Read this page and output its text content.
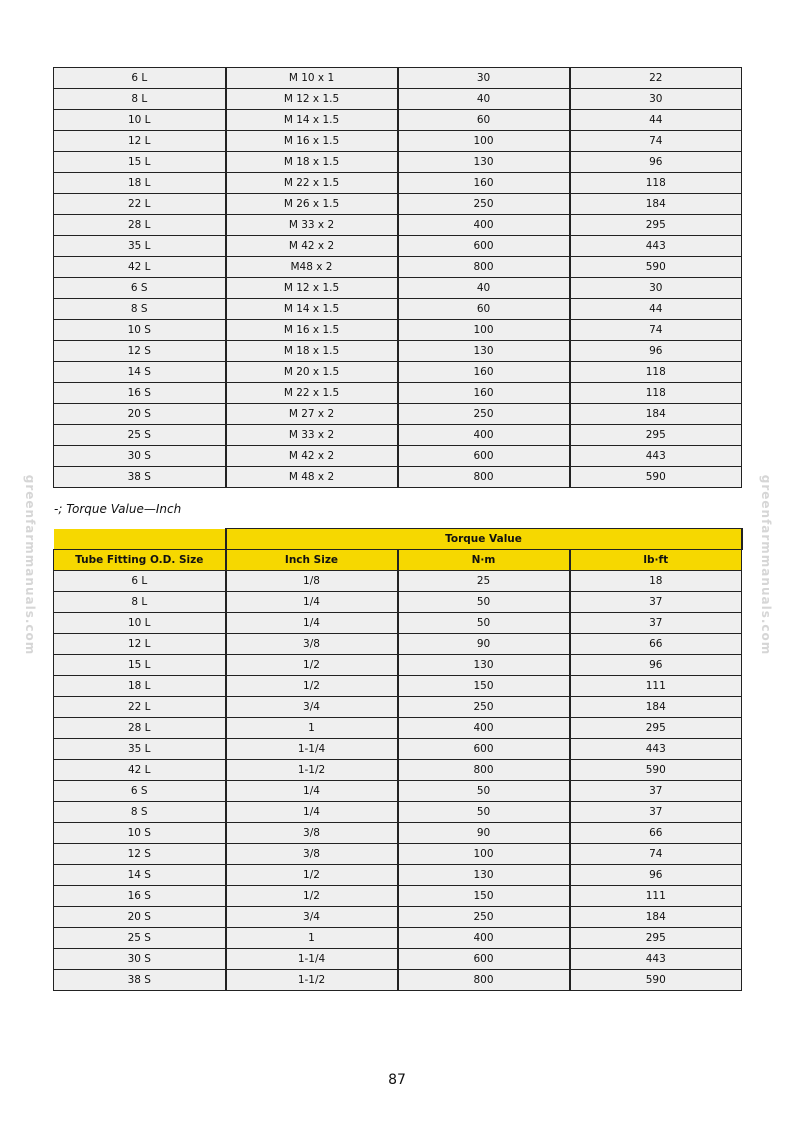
6 L	M 10 x 1	30	22
8 L	M 12 x 1.5	40	30
10 L	M 14 x 1.5	60	44
12 L	M 16 x 1.5	100	74
15 L	M 18 x 1.5	130	96
18 L	M 22 x 1.5	160	118
22 L	M 26 x 1.5	250	184
28 L	M 33 x 2	400	295
35 L	M 42 x 2	600	443
42 L	M48 x 2	800	590
6 S	M 12 x 1.5	40	30
8 S	M 14 x 1.5	60	44
10 S	M 16 x 1.5	100	74
12 S	M 18 x 1.5	130	96
14 S	M 20 x 1.5	160	118
16 S	M 22 x 1.5	160	118
20 S	M 27 x 2	250	184
25 S	M 33 x 2	400	295
30 S	M 42 x 2	600	443
38 S	M 48 x 2	800	590
-; Torque Value—Inch
	Torque Value		
Tube Fitting O.D. Size	Inch Size	N·m	lb·ft
6 L	1/8	25	18
8 L	1/4	50	37
10 L	1/4	50	37
12 L	3/8	90	66
15 L	1/2	130	96
18 L	1/2	150	111
22 L	3/4	250	184
28 L	1	400	295
35 L	1-1/4	600	443
42 L	1-1/2	800	590
6 S	1/4	50	37
8 S	1/4	50	37
10 S	3/8	90	66
12 S	3/8	100	74
14 S	1/2	130	96
16 S	1/2	150	111
20 S	3/4	250	184
25 S	1	400	295
30 S	1-1/4	600	443
38 S	1-1/2	800	590
greenfarmmanuals.com	greenfarmmanuals.com
87
